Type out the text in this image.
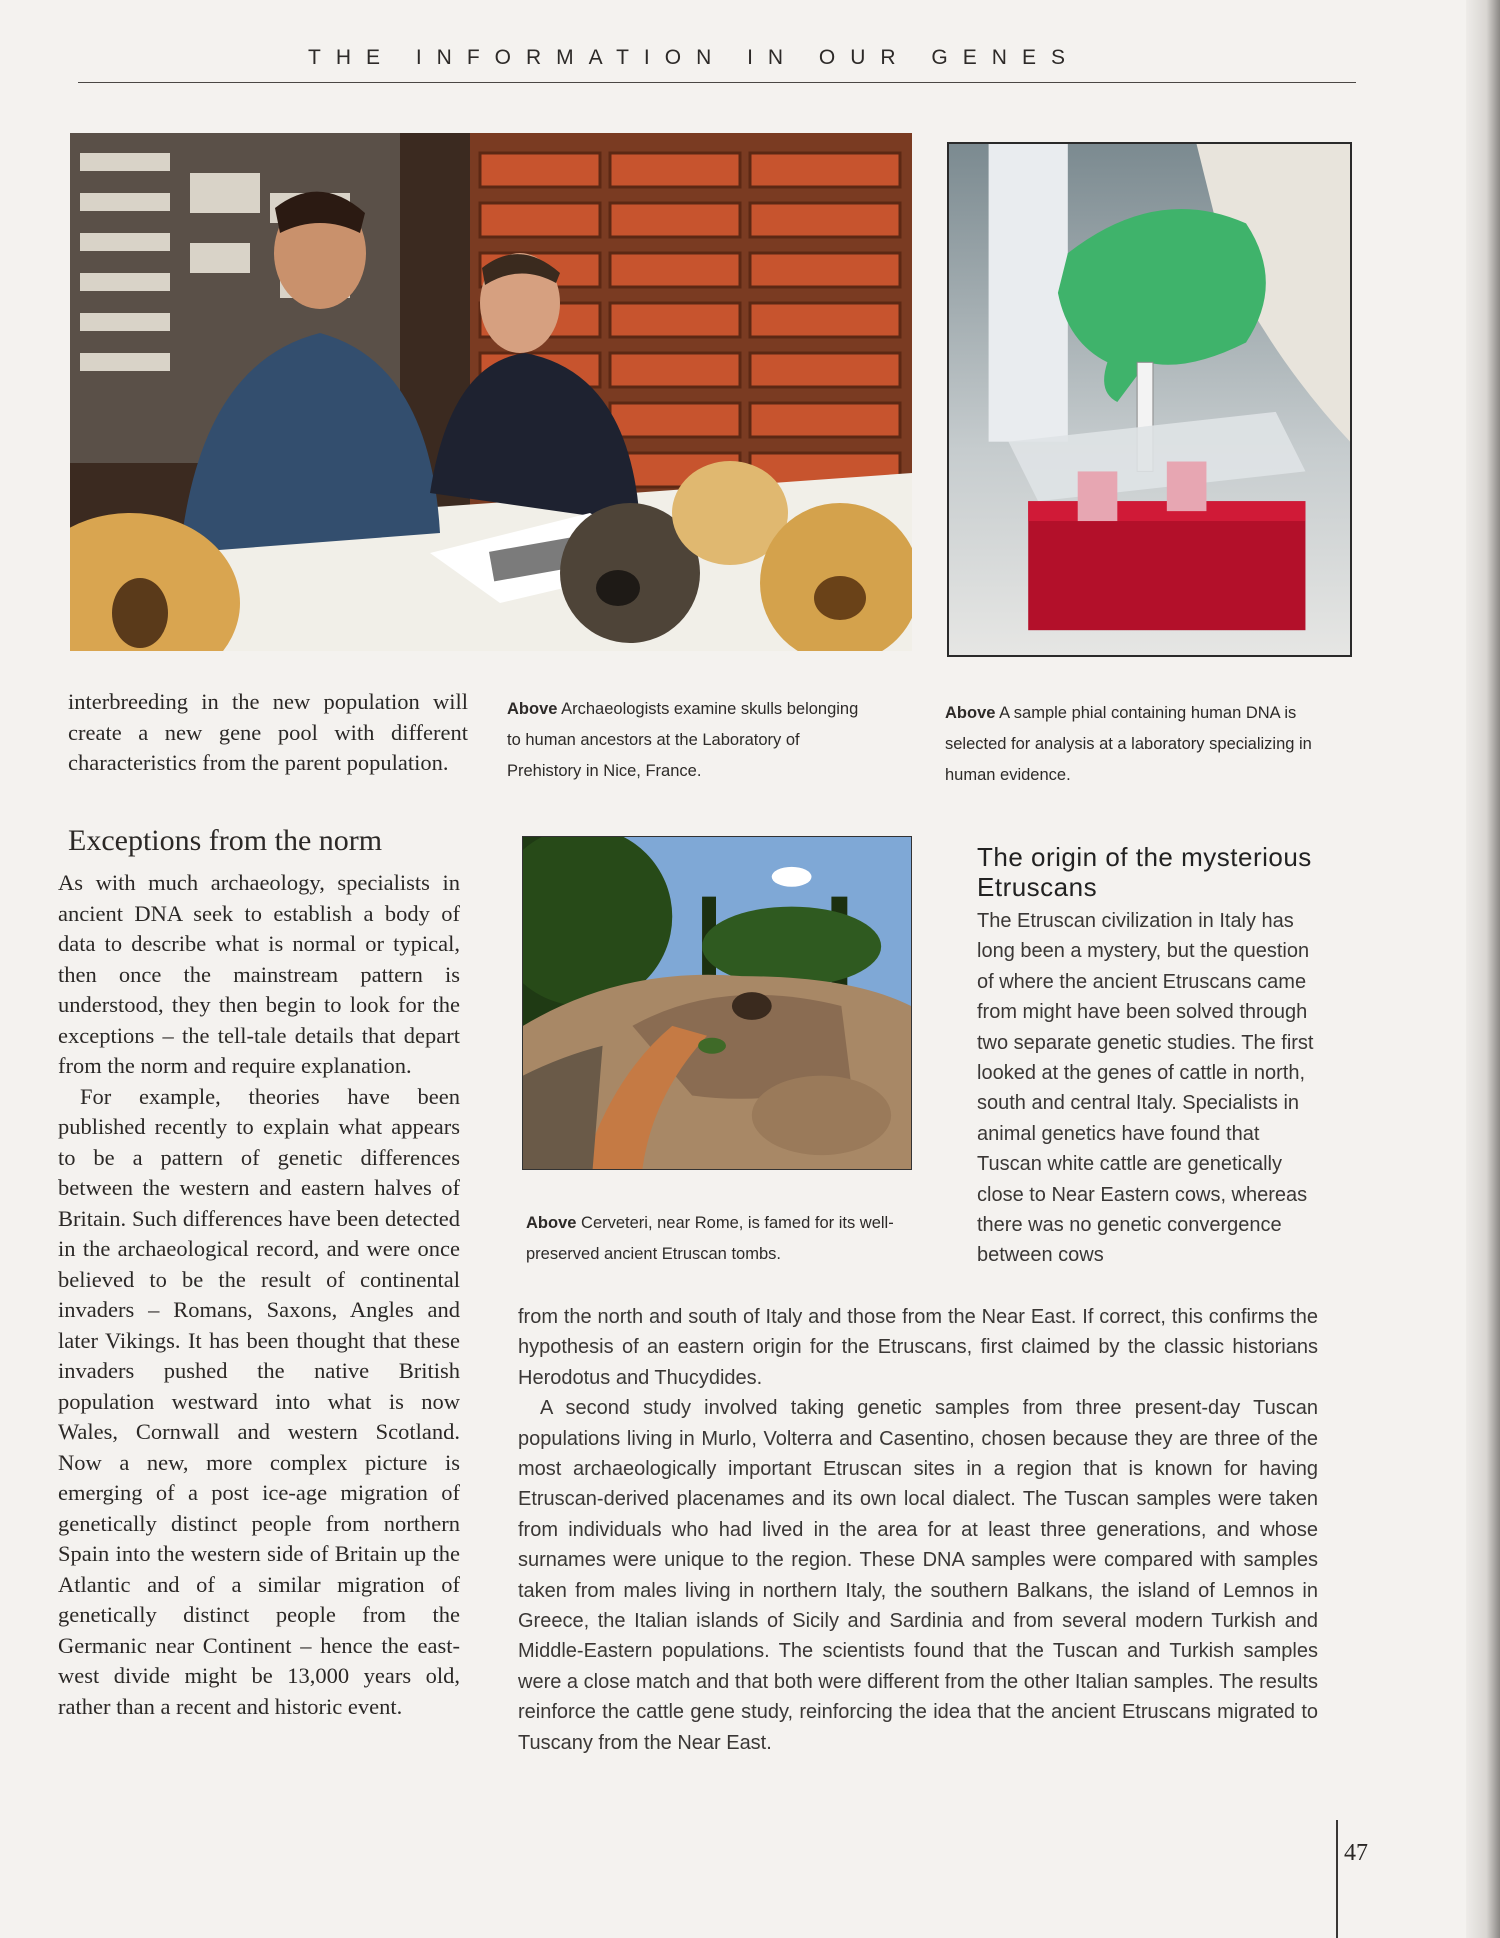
THE INFORMATION IN OUR GENES
Above Archaeologists examine skulls belonging to human ancestors at the Laboratory of Prehistory in Nice, France.
Above A sample phial containing human DNA is selected for analysis at a laboratory specializing in human evidence.

interbreeding in the new population will create a new gene pool with different characteristics from the parent population.

Exceptions from the norm

As with much archaeology, specialists in ancient DNA seek to establish a body of data to describe what is normal or typical, then once the mainstream pattern is understood, they then begin to look for the exceptions – the tell-tale details that depart from the norm and require explanation.

For example, theories have been published recently to explain what appears to be a pattern of genetic differences between the western and eastern halves of Britain. Such differences have been detected in the archaeological record, and were once believed to be the result of continental invaders – Romans, Saxons, Angles and later Vikings. It has been thought that these invaders pushed the native British population westward into what is now Wales, Cornwall and western Scotland. Now a new, more complex picture is emerging of a post ice-age migration of genetically distinct people from northern Spain into the western side of Britain up the Atlantic and of a similar migration of genetically distinct people from the Germanic near Continent – hence the east-west divide might be 13,000 years old, rather than a recent and historic event.

Above Cerveteri, near Rome, is famed for its well-preserved ancient Etruscan tombs.
The origin of the mysterious Etruscans
The Etruscan civilization in Italy has long been a mystery, but the question of where the ancient Etruscans came from might have been solved through two separate genetic studies. The first looked at the genes of cattle in north, south and central Italy. Specialists in animal genetics have found that Tuscan white cattle are genetically close to Near Eastern cows, whereas there was no genetic convergence between cows

from the north and south of Italy and those from the Near East. If correct, this confirms the hypothesis of an eastern origin for the Etruscans, first claimed by the classic historians Herodotus and Thucydides.

A second study involved taking genetic samples from three present-day Tuscan populations living in Murlo, Volterra and Casentino, chosen because they are three of the most archaeologically important Etruscan sites in a region that is known for having Etruscan-derived placenames and its own local dialect. The Tuscan samples were taken from individuals who had lived in the area for at least three generations, and whose surnames were unique to the region. These DNA samples were compared with samples taken from males living in northern Italy, the southern Balkans, the island of Lemnos in Greece, the Italian islands of Sicily and Sardinia and from several modern Turkish and Middle-Eastern populations. The scientists found that the Tuscan and Turkish samples were a close match and that both were different from the other Italian samples. The results reinforce the cattle gene study, reinforcing the idea that the ancient Etruscans migrated to Tuscany from the Near East.

47
